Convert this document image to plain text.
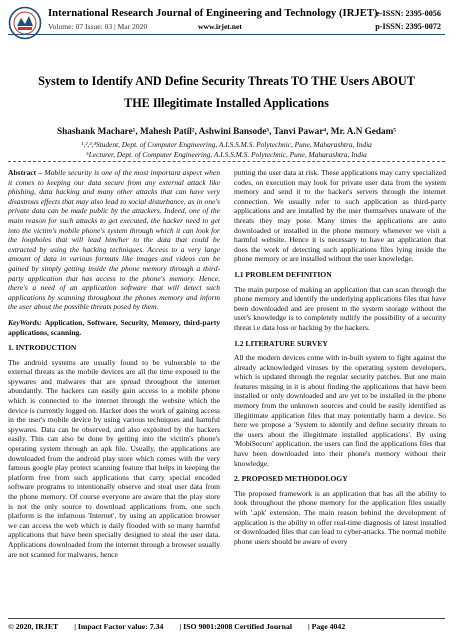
International Research Journal of Engineering and Technology (IRJET)
Volume: 07 Issue: 03 | Mar 2020	www.irjet.net
e-ISSN: 2395-0056
p-ISSN: 2395-0072
System to Identify AND Define Security Threats TO THE Users ABOUT
THE Illegitimate Installed Applications
Shashank Machare¹, Mahesh Patil², Ashwini Bansode³, Tanvi Pawar⁴, Mr. A.N Gedam⁵
¹,²,³,⁴Student, Dept. of Computer Engineering, A.I.S.S.M.S. Polytechnic, Pune, Maharashtra, India
⁵Lecturer, Dept. of Computer Engineering, A.I.S.S.M.S. Polytechnic, Pune, Maharashtra, India

Abstract – Mobile security is one of the most important aspect when it comes to keeping our data secure from any external attack like phishing, data hacking and many other attacks that can have very disastrous effects that may also lead to social disturbance, as in one's private data can be made public by the attackers. Indeed, one of the main reason for such attacks to get executed, the hacker need to get into the victim's mobile phone's system through which it can look for the loopholes that will lead him/her to the data that could be extracted by using the hacking techniques. Access to a very large amount of data in various formats like images and videos can be gained by simply getting inside the phone memory through a third-party application that has access to the phone's memory. Hence, there's a need of an application software that will detect such applications by scanning throughout the phones memory and inform the user about the possible threats posed by them.

KeyWords: Application, Software, Security, Memory, third-party applications, scanning.

1. INTRODUCTION

The android systems are usually found to be vulnerable to the external threats as the mobile devices are all the time exposed to the spywares and malwares that are spread throughout the internet abundantly. The hackers can easily gain access to a mobile phone which is connected to the internet through the website which the device is currently logged on. Hacker does the work of gaining access in the user's mobile device by using various techniques and harmful spywares. Data can be observed, and also exploited by the hackers easily. This can also be done by getting into the victim's phone's operating system through an apk file. Usually, the applications are downloaded from the android play store which comes with the very famous google play protect scanning feature that helps in keeping the platform free from such applications that carry special encoded software programs to intentionally observe and steal user data from the phone memory. Of course everyone are aware that the play store is not the only source to download applications from, one such platform is the infamous 'Internet', by using an application browser we can access the web which is daily flooded with so many harmful applications that have been specially designed to steal the user data. Applications downloaded from the internet through a browser usually are not scanned for malwares, hence

putting the user data at risk. These applications may carry specialized codes, on execution may look for private user data from the system memory and send it to the hacker's servers through the internet connection. We usually refer to such application as third-party applications and are installed by the user themselves unaware of the threats they may pose. Many times the applications are auto downloaded or installed in the phone memory whenever we visit a harmful website. Hence it is necessary to have an application that does the work of detecting such applications files lying inside the phone memory or are installed without the user knowledge.

1.1 PROBLEM DEFINITION

The main purpose of making an application that can scan through the phone memory and identify the underlying applications files that have been downloaded and are present in the system storage without the user's knowledge is to completely nullify the possibility of a security threat i.e data loss or hacking by the hackers.

1.2 LITERATURE SURVEY

All the modern devices come with in-built system to fight against the already acknowledged viruses by the operating system developers, which is updated through the regular security patches. But one main features missing in it is about finding the applications that have been installed or only downloaded and are yet to be installed in the phone memory from the unknown sources and could be easily identified as illegitimate application files that may potentially harm a device. So here we propose a 'System to identify and define security threats to the users about the illegitimate installed applications'. By using 'MobiSecure' application, the users can find the applications files that have been downloaded into their phone's memory without their knowledge.

2. PROPOSED METHODOLOGY

The proposed framework is an application that has all the ability to look throughout the phone memory for the application files usually with '.apk' extension. The main reason behind the development of application is the ability to offer real-time diagnosis of latest installed or downloaded files that can lead to cyber-attacks. The normal mobile phone users should be aware of every

© 2020, IRJET | Impact Factor value: 7.34 | ISO 9001:2008 Certified Journal | Page 4042
